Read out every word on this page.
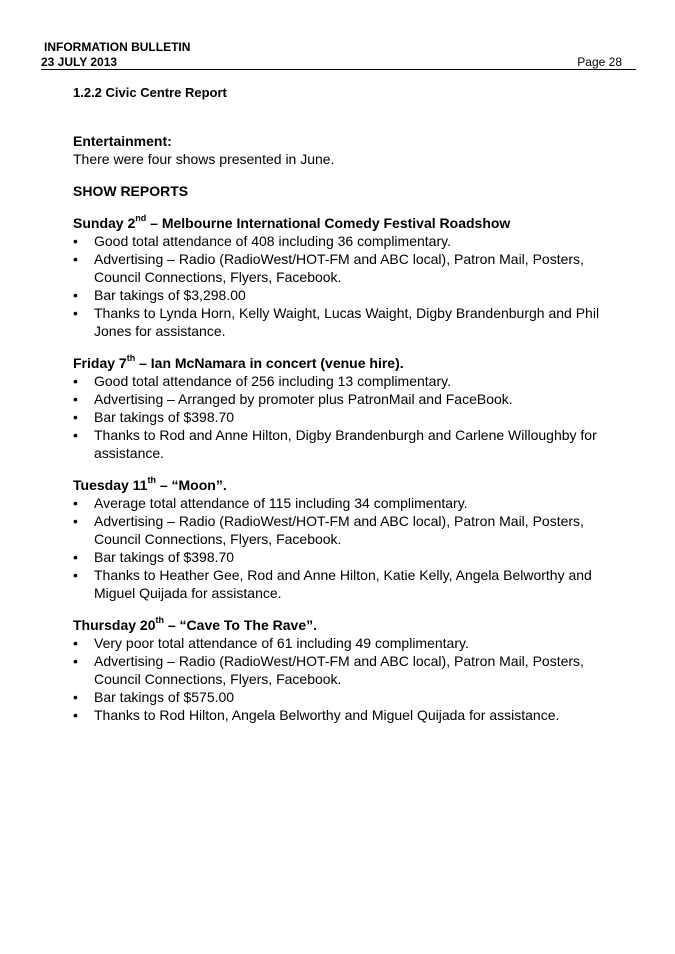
INFORMATION BULLETIN
23 JULY 2013	Page 28

1.2.2 Civic Centre Report

Entertainment:

There were four shows presented in June.

SHOW REPORTS

Sunday 2nd – Melbourne International Comedy Festival Roadshow

• Good total attendance of 408 including 36 complimentary.
• Advertising – Radio (RadioWest/HOT-FM and ABC local), Patron Mail, Posters, Council Connections, Flyers, Facebook.
• Bar takings of $3,298.00
• Thanks to Lynda Horn, Kelly Waight, Lucas Waight, Digby Brandenburgh and Phil Jones for assistance.

Friday 7th – Ian McNamara in concert (venue hire).

• Good total attendance of 256 including 13 complimentary.
• Advertising – Arranged by promoter plus PatronMail and FaceBook.
• Bar takings of $398.70
• Thanks to Rod and Anne Hilton, Digby Brandenburgh and Carlene Willoughby for assistance.

Tuesday 11th – “Moon”.

• Average total attendance of 115 including 34 complimentary.
• Advertising – Radio (RadioWest/HOT-FM and ABC local), Patron Mail, Posters, Council Connections, Flyers, Facebook.
• Bar takings of $398.70
• Thanks to Heather Gee, Rod and Anne Hilton, Katie Kelly, Angela Belworthy and Miguel Quijada for assistance.

Thursday 20th – “Cave To The Rave”.

• Very poor total attendance of 61 including 49 complimentary.
• Advertising – Radio (RadioWest/HOT-FM and ABC local), Patron Mail, Posters, Council Connections, Flyers, Facebook.
• Bar takings of $575.00
• Thanks to Rod Hilton, Angela Belworthy and Miguel Quijada for assistance.
